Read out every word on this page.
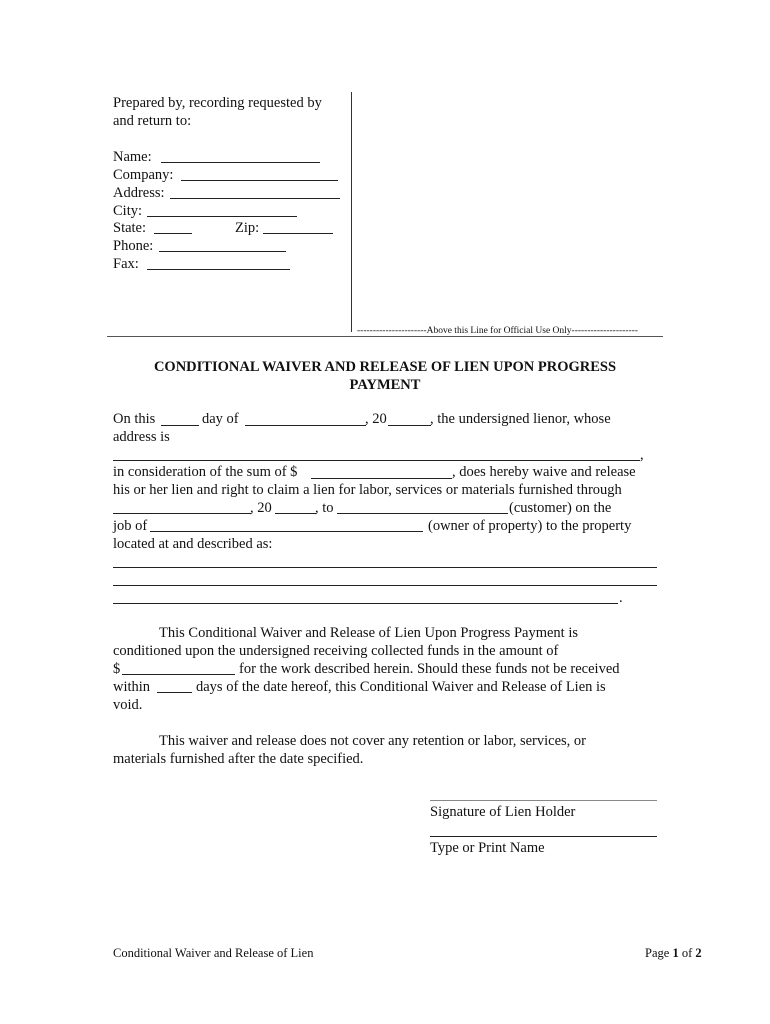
Prepared by, recording requested by
and return to:
Name:
Company:
Address:
City:
State:	Zip:
Phone:
Fax:
----------------------Above this Line for Official Use Only---------------------
CONDITIONAL WAIVER AND RELEASE OF LIEN UPON PROGRESS
PAYMENT
On this	day of	, 20	, the undersigned lienor, whose
address is
,
in consideration of the sum of $	, does hereby waive and release
his or her lien and right to claim a lien for labor, services or materials furnished through
, 20	, to	(customer) on the
job of	(owner of property) to the property
located at and described as:
.
This Conditional Waiver and Release of Lien Upon Progress Payment is
conditioned upon the undersigned receiving collected funds in the amount of
$	for the work described herein. Should these funds not be received
within	days of the date hereof, this Conditional Waiver and Release of Lien is
void.
This waiver and release does not cover any retention or labor, services, or
materials furnished after the date specified.
Signature of Lien Holder
Type or Print Name
Conditional Waiver and Release of Lien	Page 1 of 2
